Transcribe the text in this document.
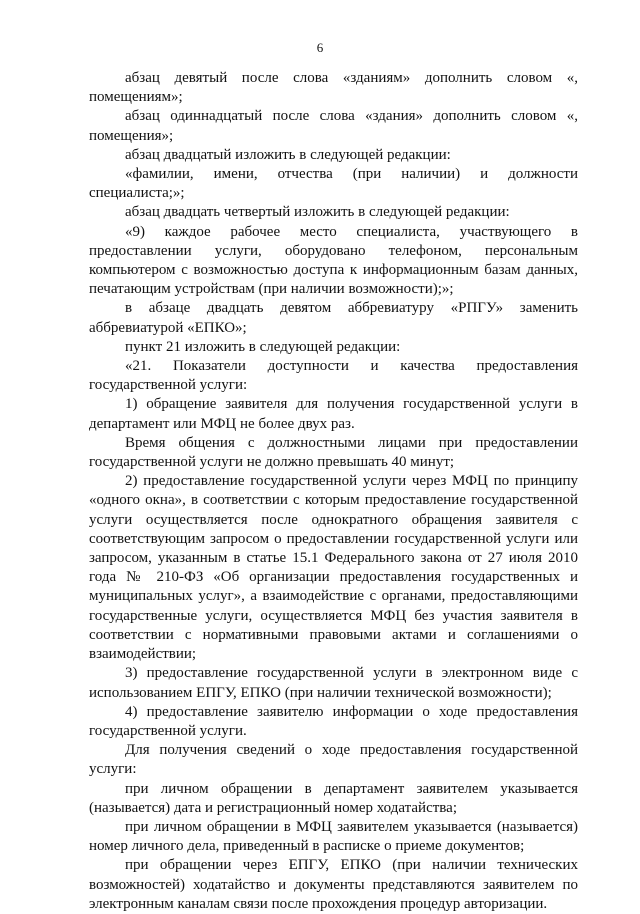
6

абзац девятый после слова «зданиям» дополнить словом «, помещениям»;

абзац одиннадцатый после слова «здания» дополнить словом «, помещения»;

абзац двадцатый изложить в следующей редакции:

«фамилии, имени, отчества (при наличии) и должности специалиста;»;

абзац двадцать четвертый изложить в следующей редакции:

«9) каждое рабочее место специалиста, участвующего в предоставлении услуги, оборудовано телефоном, персональным компьютером с возможностью доступа к информационным базам данных, печатающим устройствам (при наличии возможности);»;

в абзаце двадцать девятом аббревиатуру «РПГУ» заменить аббревиатурой «ЕПКО»;

пункт 21 изложить в следующей редакции:

«21. Показатели доступности и качества предоставления государственной услуги:

1) обращение заявителя для получения государственной услуги в департамент или МФЦ не более двух раз.

Время общения с должностными лицами при предоставлении государственной услуги не должно превышать 40 минут;

2) предоставление государственной услуги через МФЦ по принципу «одного окна», в соответствии с которым предоставление государственной услуги осуществляется после однократного обращения заявителя с соответствующим запросом о предоставлении государственной услуги или запросом, указанным в статье 15.1 Федерального закона от 27 июля 2010 года № 210-ФЗ «Об организации предоставления государственных и муниципальных услуг», а взаимодействие с органами, предоставляющими государственные услуги, осуществляется МФЦ без участия заявителя в соответствии с нормативными правовыми актами и соглашениями о взаимодействии;

3) предоставление государственной услуги в электронном виде с использованием ЕПГУ, ЕПКО (при наличии технической возможности);

4) предоставление заявителю информации о ходе предоставления государственной услуги.

Для получения сведений о ходе предоставления государственной услуги:

при личном обращении в департамент заявителем указывается (называется) дата и регистрационный номер ходатайства;

при личном обращении в МФЦ заявителем указывается (называется) номер личного дела, приведенный в расписке о приеме документов;

при обращении через ЕПГУ, ЕПКО (при наличии технических возможностей) ходатайство и документы представляются заявителем по электронным каналам связи после прохождения процедур авторизации.
